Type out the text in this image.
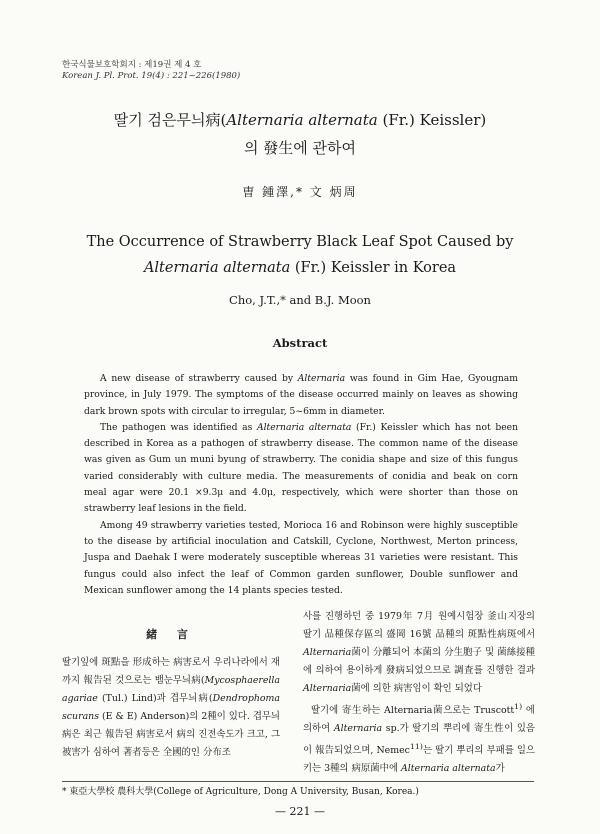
한국식물보호학회지 : 제19권 제 4 호
Korean J. Pl. Prot. 19(4) : 221~226(1980)
딸기 검은무늬病(Alternaria alternata (Fr.) Keissler)
의 發生에 관하여
曺 鍾澤,* 文 炳周
The Occurrence of Strawberry Black Leaf Spot Caused by
Alternaria alternata (Fr.) Keissler in Korea
Cho, J.T.,* and B.J. Moon
Abstract

A new disease of strawberry caused by Alternaria was found in Gim Hae, Gyougnam province, in July 1979. The symptoms of the disease occurred mainly on leaves as showing dark brown spots with circular to irregular, 5~6mm in diameter.

The pathogen was identified as Alternaria alternata (Fr.) Keissler which has not been described in Korea as a pathogen of strawberry disease. The common name of the disease was given as Gum un muni byung of strawberry. The conidia shape and size of this fungus varied considerably with culture media. The measurements of conidia and beak on corn meal agar were 20.1 ×9.3μ and 4.0μ, respectively, which were shorter than those on strawberry leaf lesions in the field.

Among 49 strawberry varieties tested, Morioca 16 and Robinson were highly susceptible to the disease by artificial inoculation and Catskill, Cyclone, Northwest, Merton princess, Juspa and Daehak I were moderately susceptible whereas 31 varieties were resistant. This fungus could also infect the leaf of Common garden sunflower, Double sunflower and Mexican sunflower among the 14 plants species tested.

緒 言

딸기잎에 斑點을 形成하는 病害로서 우리나라에서 재까지 報告된 것으로는 뱀눈무늬病(Mycosphaerella agariae (Tul.) Lind)과 겹무늬病(Dendrophoma scurans (E & E) Anderson)의 2種이 있다. 겹무늬病은 최근 報告된 病害로서 病의 진전속도가 크고, 그 被害가 심하여 著者등은 全國的인 分布조

사를 진행하던 중 1979年 7月 원예시험장 釜山지장의 딸기 品種保存區의 盛岡 16號 品種의 斑點性病斑에서 Alternaria菌이 分離되어 本菌의 分生胞子 및 菌絲接種에 의하여 용이하게 發病되었으므로 調査를 진행한 결과 Alternaria菌에 의한 病害임이 확인 되었다

딸기에 寄生하는 Alternaria菌으로는 Truscott$^{1)}$ 에 의하여 Alternaria sp.가 딸기의 뿌리에 寄生性이 있음이 報告되었으며, Nemec$^{11)}$는 딸기 뿌리의 부패를 일으키는 3種의 病原菌中에 Alternaria alternata가

* 東亞大學校 農科大學(College of Agriculture, Dong A University, Busan, Korea.)
— 221 —
